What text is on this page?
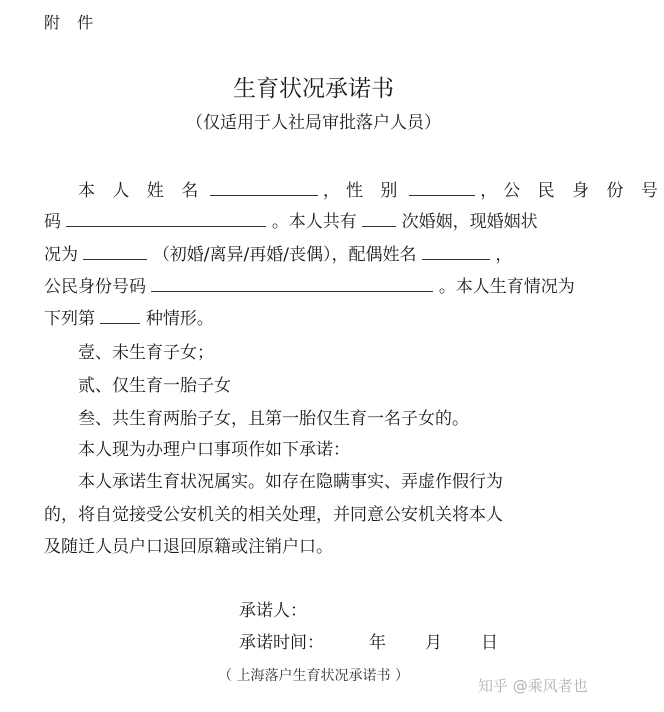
附 件
生育状况承诺书
（仅适用于人社局审批落户人员）
本 人 姓 名	，性 别	，公 民 身 份 号
码	。本人共有	次婚姻，现婚姻状
况为	（初婚/离异/再婚/丧偶），配偶姓名	，
公民身份号码	。本人生育情况为
下列第	种情形。
壹、未生育子女；
贰、仅生育一胎子女
叁、共生育两胎子女，且第一胎仅生育一名子女的。
本人现为办理户口事项作如下承诺：
本人承诺生育状况属实。如存在隐瞒事实、弄虚作假行为
的，将自觉接受公安机关的相关处理，并同意公安机关将本人
及随迁人员户口退回原籍或注销户口。
承诺人：
承诺时间：	年 月 日
（ 上海落户生育状况承诺书 ）
知乎 @乘风者也
